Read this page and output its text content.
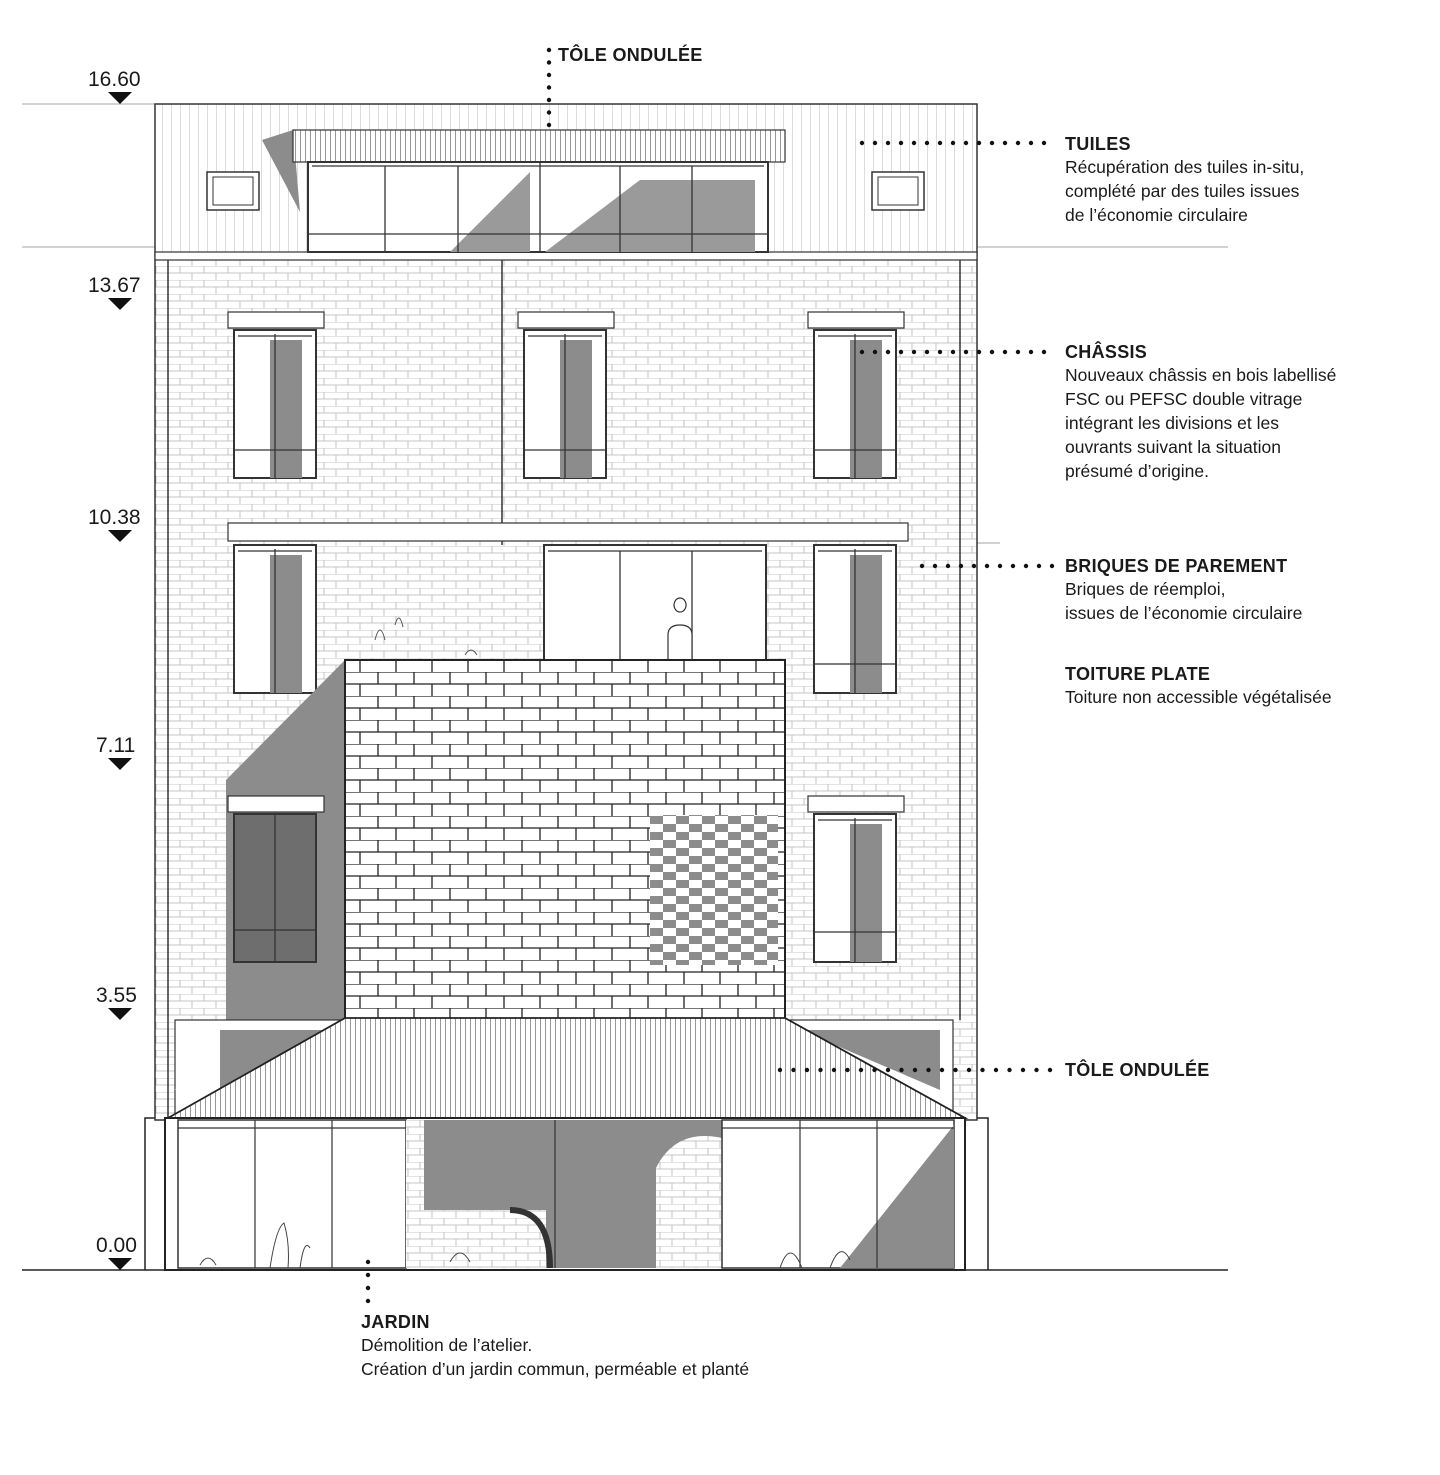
16.60
13.67
10.38
7.11
3.55
0.00
TÔLE ONDULÉE
TUILES
Récupération des tuiles in-situ,
complété par des tuiles issues
de l’économie circulaire
CHÂSSIS
Nouveaux châssis en bois labellisé
FSC ou PEFSC double vitrage
intégrant les divisions et les
ouvrants suivant la situation
présumé d’origine.
BRIQUES DE PAREMENT
Briques de réemploi,
issues de l’économie circulaire
TOITURE PLATE
Toiture non accessible végétalisée
TÔLE ONDULÉE
JARDIN
Démolition de l’atelier.
Création d’un jardin commun, perméable et planté
